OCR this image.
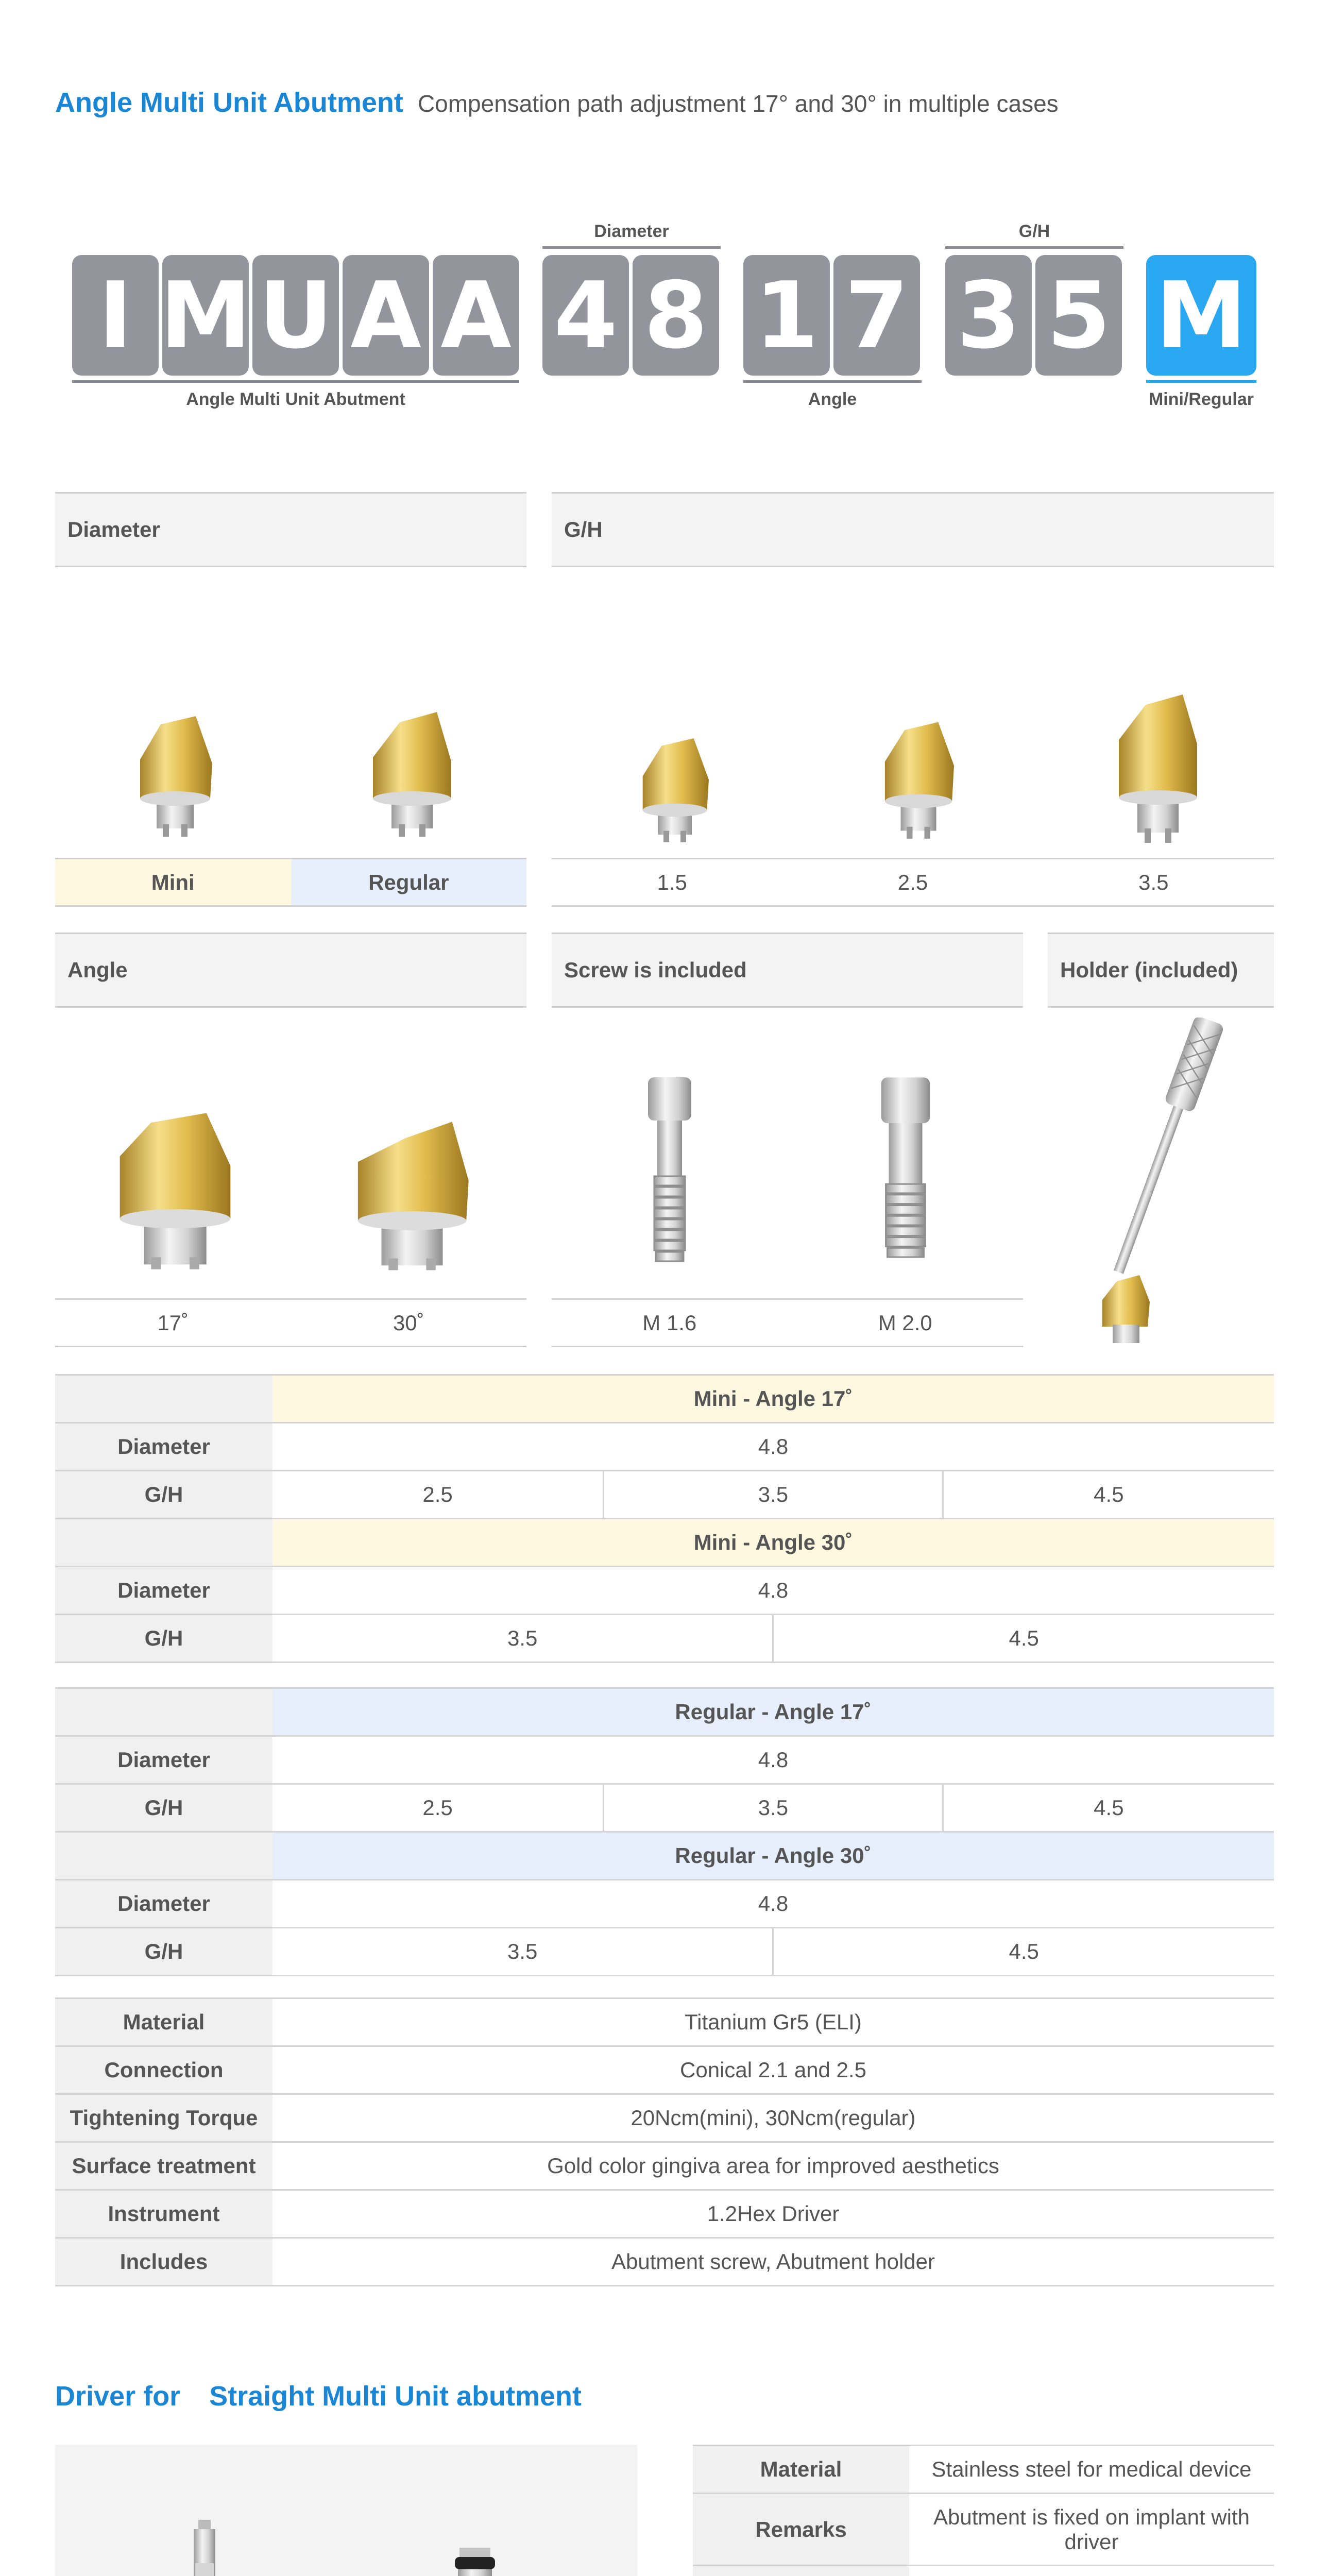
Angle Multi Unit Abutment Compensation path adjustment 17° and 30° in multiple cases
Diameter	G/H
I M U A A 4 8 1 7 3 5 M
Angle Multi Unit Abutment	Angle	Mini/Regular
Diameter	G/H
Mini	Regular	1.5	2.5	3.5
Angle	Screw is included	Holder (included)
17˚	30˚	M 1.6	M 2.0
	Mini - Angle 17˚			
Diameter	4.8			
G/H	2.5	3.5		4.5
	Mini - Angle 30˚			
Diameter	4.8			
G/H	3.5		4.5	
	Regular - Angle 17˚			
Diameter	4.8			
G/H	2.5	3.5		4.5
	Regular - Angle 30˚			
Diameter	4.8			
G/H	3.5		4.5	
Material	Titanium Gr5 (ELI)
Connection	Conical 2.1 and 2.5
Tightening Torque	20Ncm(mini), 30Ncm(regular)
Surface treatment	Gold color gingiva area for improved aesthetics
Instrument	1.2Hex Driver
Includes	Abutment screw, Abutment holder
Driver for Straight Multi Unit abutment
Material	Stainless steel for medical device
Remarks	Abutment is fixed on implant with driver
